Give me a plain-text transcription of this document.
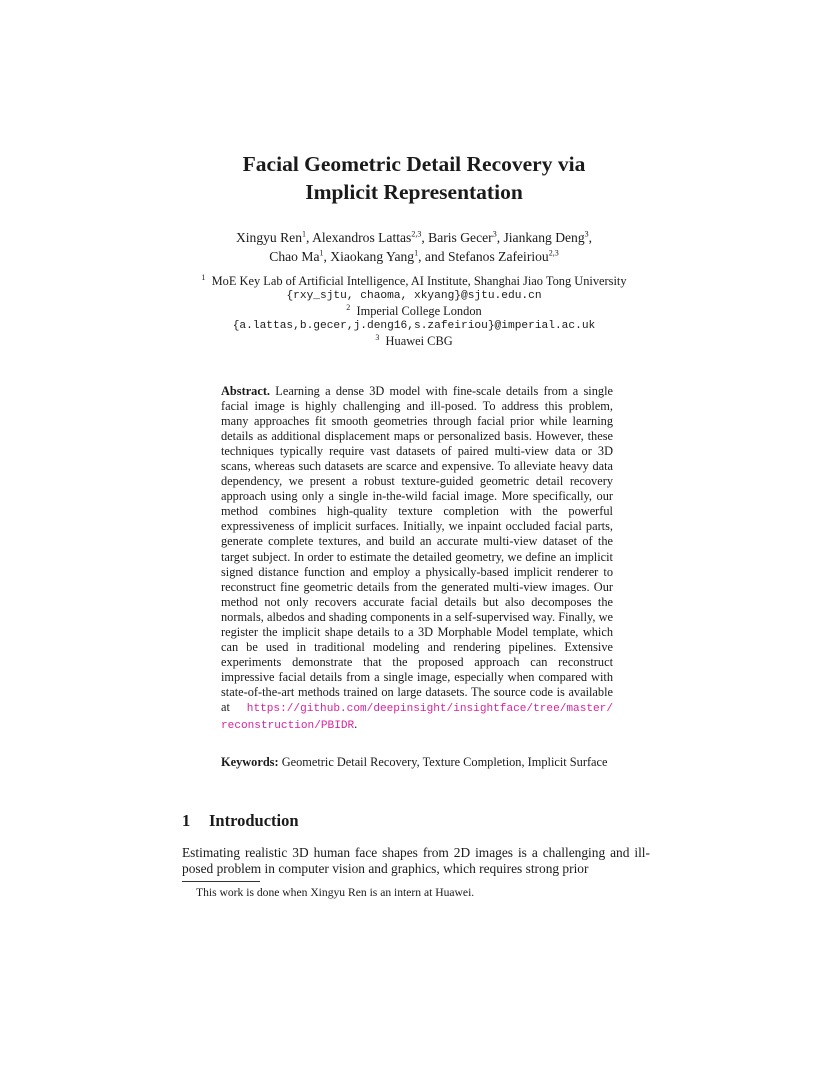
Facial Geometric Detail Recovery via
Implicit Representation
Xingyu Ren$^1$, Alexandros Lattas$^{2,3}$, Baris Gecer$^3$, Jiankang Deng$^3$,
Chao Ma$^1$, Xiaokang Yang$^1$, and Stefanos Zafeiriou$^{2,3}$
$^1$ MoE Key Lab of Artificial Intelligence, AI Institute, Shanghai Jiao Tong University
{rxy_sjtu, chaoma, xkyang}@sjtu.edu.cn
$^2$ Imperial College London
{a.lattas,b.gecer,j.deng16,s.zafeiriou}@imperial.ac.uk
$^3$ Huawei CBG
Abstract. Learning a dense 3D model with fine-scale details from a single facial image is highly challenging and ill-posed. To address this problem, many approaches fit smooth geometries through facial prior while learning details as additional displacement maps or personalized basis. However, these techniques typically require vast datasets of paired multi-view data or 3D scans, whereas such datasets are scarce and expensive. To alleviate heavy data dependency, we present a robust texture-guided geometric detail recovery approach using only a single in-the-wild facial image. More specifically, our method combines high-quality texture completion with the powerful expressiveness of implicit surfaces. Initially, we inpaint occluded facial parts, generate complete textures, and build an accurate multi-view dataset of the target subject. In order to estimate the detailed geometry, we define an implicit signed distance function and employ a physically-based implicit renderer to reconstruct fine geometric details from the generated multi-view images. Our method not only recovers accurate facial details but also decomposes the normals, albedos and shading components in a self-supervised way. Finally, we register the implicit shape details to a 3D Morphable Model template, which can be used in traditional modeling and rendering pipelines. Extensive experiments demonstrate that the proposed approach can reconstruct impressive facial details from a single image, especially when compared with state-of-the-art methods trained on large datasets. The source code is available at https://github.com/deepinsight/insightface/tree/master/reconstruction/PBIDR.
Keywords: Geometric Detail Recovery, Texture Completion, Implicit Surface
1 Introduction
Estimating realistic 3D human face shapes from 2D images is a challenging and ill-posed problem in computer vision and graphics, which requires strong prior
This work is done when Xingyu Ren is an intern at Huawei.
